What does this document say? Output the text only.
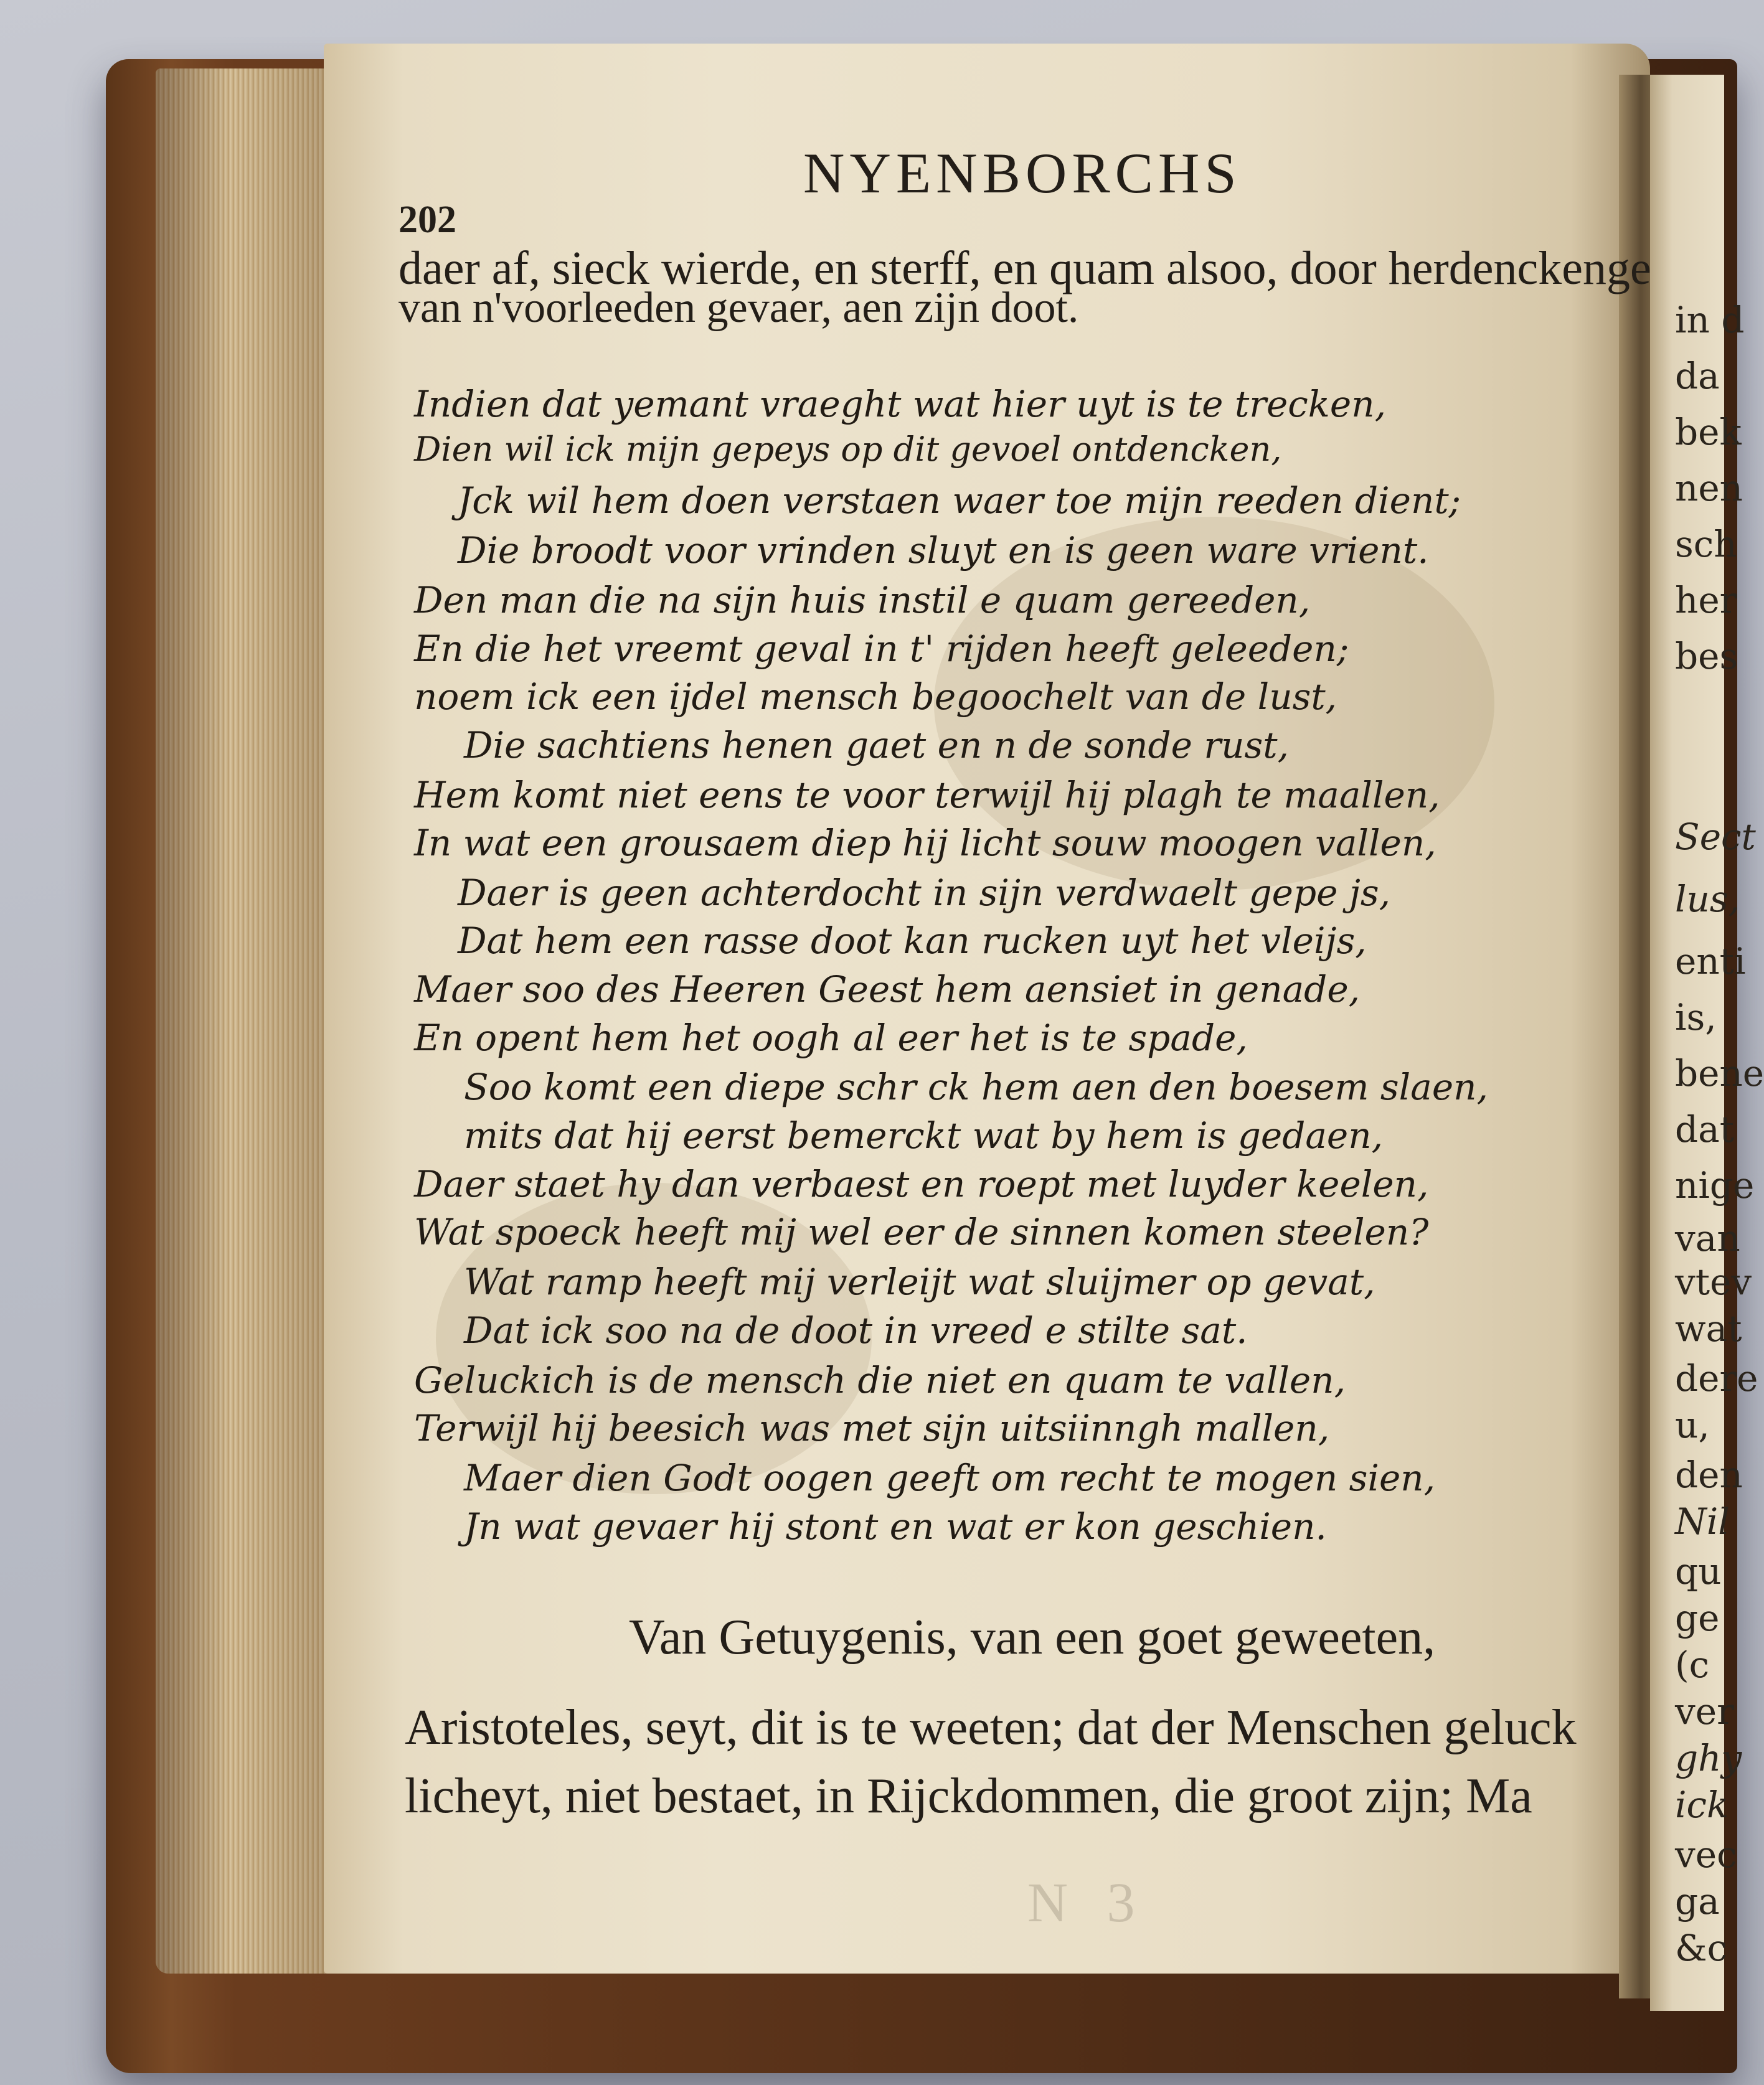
in d
da
bek
nen
sch
her
bes
Sect
lus,
enti
is,
bene
dat
nige
van
vtev
wat
dere
u,
den
Nil
qu
ge
(c
ver
ghy
ick
vec
ga
&c
NYENBORCHS
202
daer af, sieck wierde, en sterff, en quam alsoo, door herdenckenge
van n'voorleeden gevaer, aen zijn doot.
Indien dat yemant vraeght wat hier uyt is te trecken,
Dien wil ick mijn gepeys op dit gevoel ontdencken,
Jck wil hem doen verstaen waer toe mijn reeden dient;
Die broodt voor vrinden sluyt en is geen ware vrient.
Den man die na sijn huis instil e quam gereeden,
En die het vreemt geval in t' rijden heeft geleeden;
noem ick een ijdel mensch begoochelt van de lust,
Die sachtiens henen gaet en n de sonde rust,
Hem komt niet eens te voor terwijl hij plagh te maallen,
In wat een grousaem diep hij licht souw moogen vallen,
Daer is geen achterdocht in sijn verdwaelt gepe js,
Dat hem een rasse doot kan rucken uyt het vleijs,
Maer soo des Heeren Geest hem aensiet in genade,
En opent hem het oogh al eer het is te spade,
Soo komt een diepe schr ck hem aen den boesem slaen,
mits dat hij eerst bemerckt wat by hem is gedaen,
Daer staet hy dan verbaest en roept met luyder keelen,
Wat spoeck heeft mij wel eer de sinnen komen steelen?
Wat ramp heeft mij verleijt wat sluijmer op gevat,
Dat ick soo na de doot in vreed e stilte sat.
Geluckich is de mensch die niet en quam te vallen,
Terwijl hij beesich was met sijn uitsiinngh mallen,
Maer dien Godt oogen geeft om recht te mogen sien,
Jn wat gevaer hij stont en wat er kon geschien.
Van Getuygenis, van een goet geweeten,
Aristoteles, seyt, dit is te weeten; dat der Menschen geluck
licheyt, niet bestaet, in Rijckdommen, die groot zijn; Ma
N 3
